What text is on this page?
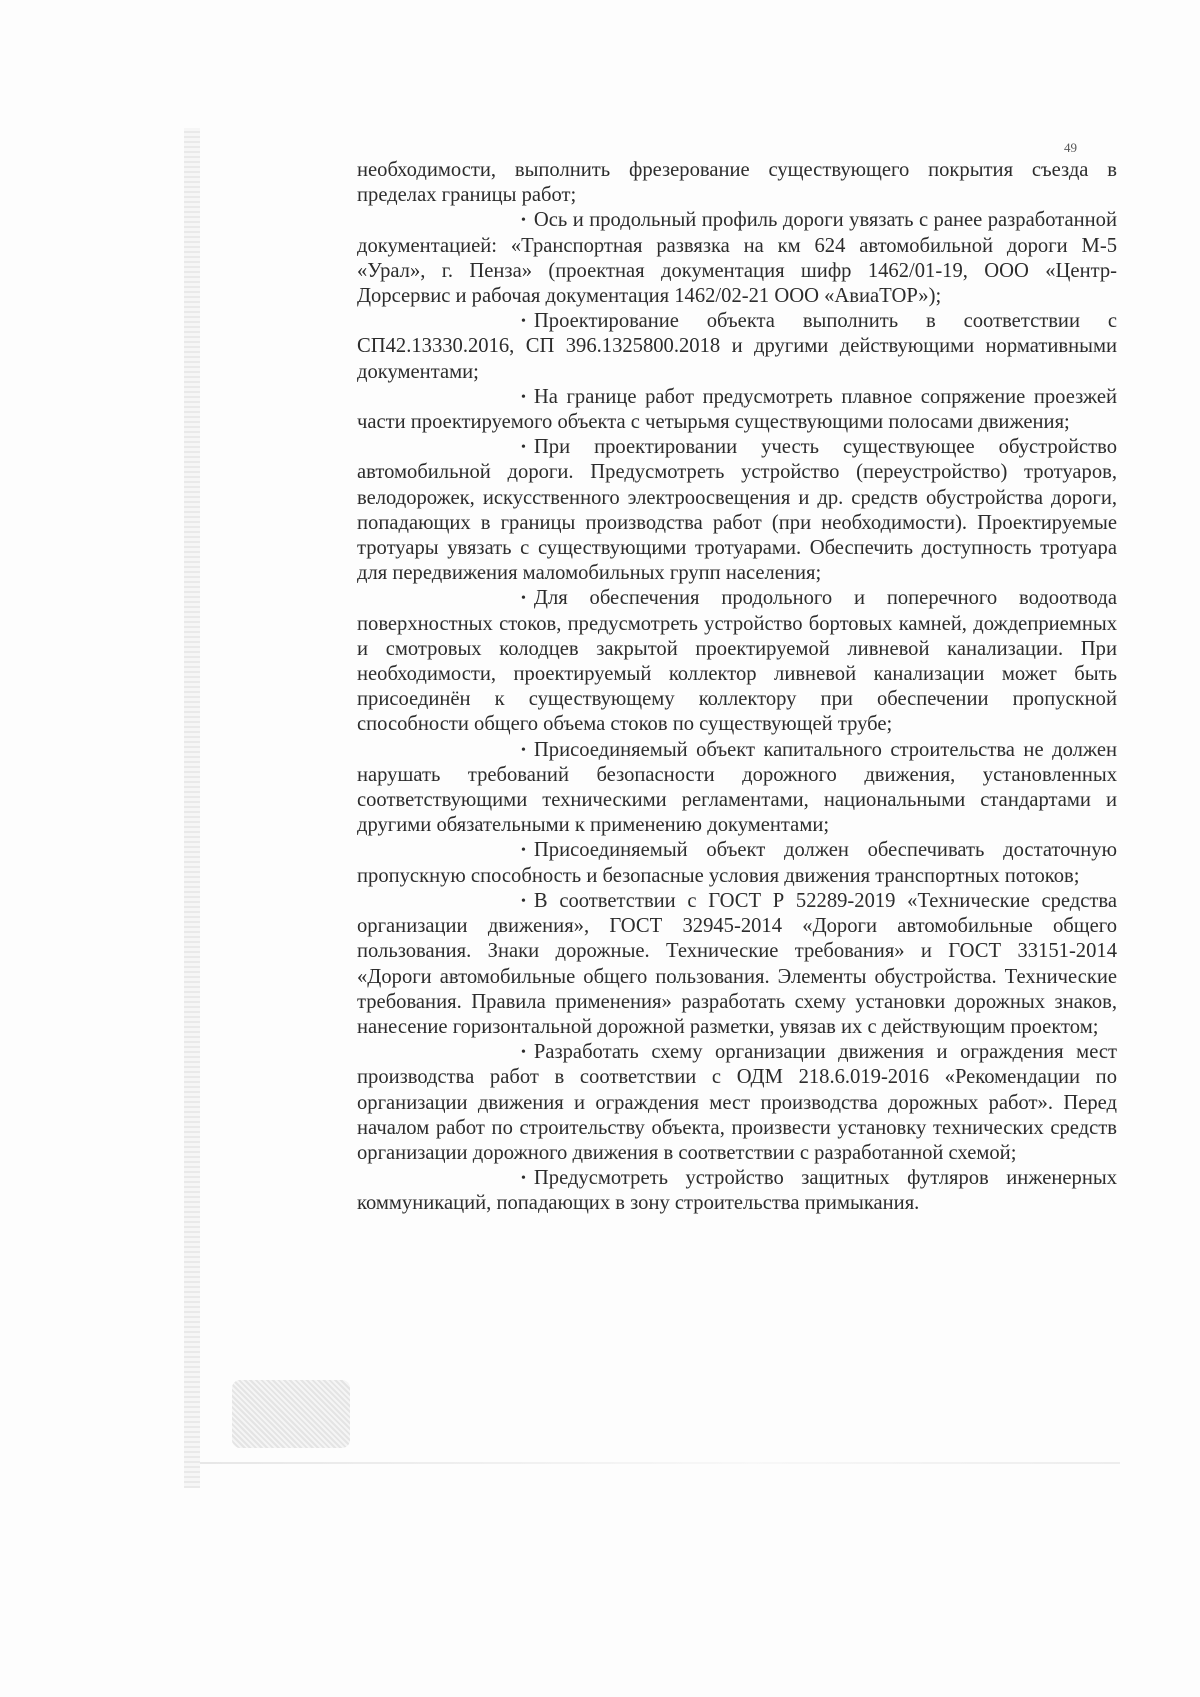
49

необходимости, выполнить фрезерование существующего покрытия съезда в пределах границы работ;

• Ось и продольный профиль дороги увязать с ранее разработанной документацией: «Транспортная развязка на км 624 автомобильной дороги М-5 «Урал», г. Пенза» (проектная документация шифр 1462/01-19, ООО «Центр-Дорсервис и рабочая документация 1462/02-21 ООО «АвиаТОР»);

• Проектирование объекта выполнить в соответствии с СП42.13330.2016, СП 396.1325800.2018 и другими действующими нормативными документами;

• На границе работ предусмотреть плавное сопряжение проезжей части проектируемого объекта с четырьмя существующими полосами движения;

• При проектировании учесть существующее обустройство автомобильной дороги. Предусмотреть устройство (переустройство) тротуаров, велодорожек, искусственного электроосвещения и др. средств обустройства дороги, попадающих в границы производства работ (при необходимости). Проектируемые тротуары увязать с существующими тротуарами. Обеспечить доступность тротуара для передвижения маломобильных групп населения;

• Для обеспечения продольного и поперечного водоотвода поверхностных стоков, предусмотреть устройство бортовых камней, дождеприемных и смотровых колодцев закрытой проектируемой ливневой канализации. При необходимости, проектируемый коллектор ливневой канализации может быть присоединён к существующему коллектору при обеспечении пропускной способности общего объема стоков по существующей трубе;

• Присоединяемый объект капитального строительства не должен нарушать требований безопасности дорожного движения, установленных соответствующими техническими регламентами, национальными стандартами и другими обязательными к применению документами;

• Присоединяемый объект должен обеспечивать достаточную пропускную способность и безопасные условия движения транспортных потоков;

• В соответствии с ГОСТ Р 52289-2019 «Технические средства организации движения», ГОСТ 32945-2014 «Дороги автомобильные общего пользования. Знаки дорожные. Технические требования» и ГОСТ 33151-2014 «Дороги автомобильные общего пользования. Элементы обустройства. Технические требования. Правила применения» разработать схему установки дорожных знаков, нанесение горизонтальной дорожной разметки, увязав их с действующим проектом;

• Разработать схему организации движения и ограждения мест производства работ в соответствии с ОДМ 218.6.019-2016 «Рекомендации по организации движения и ограждения мест производства дорожных работ». Перед началом работ по строительству объекта, произвести установку технических средств организации дорожного движения в соответствии с разработанной схемой;

• Предусмотреть устройство защитных футляров инженерных коммуникаций, попадающих в зону строительства примыкания.
